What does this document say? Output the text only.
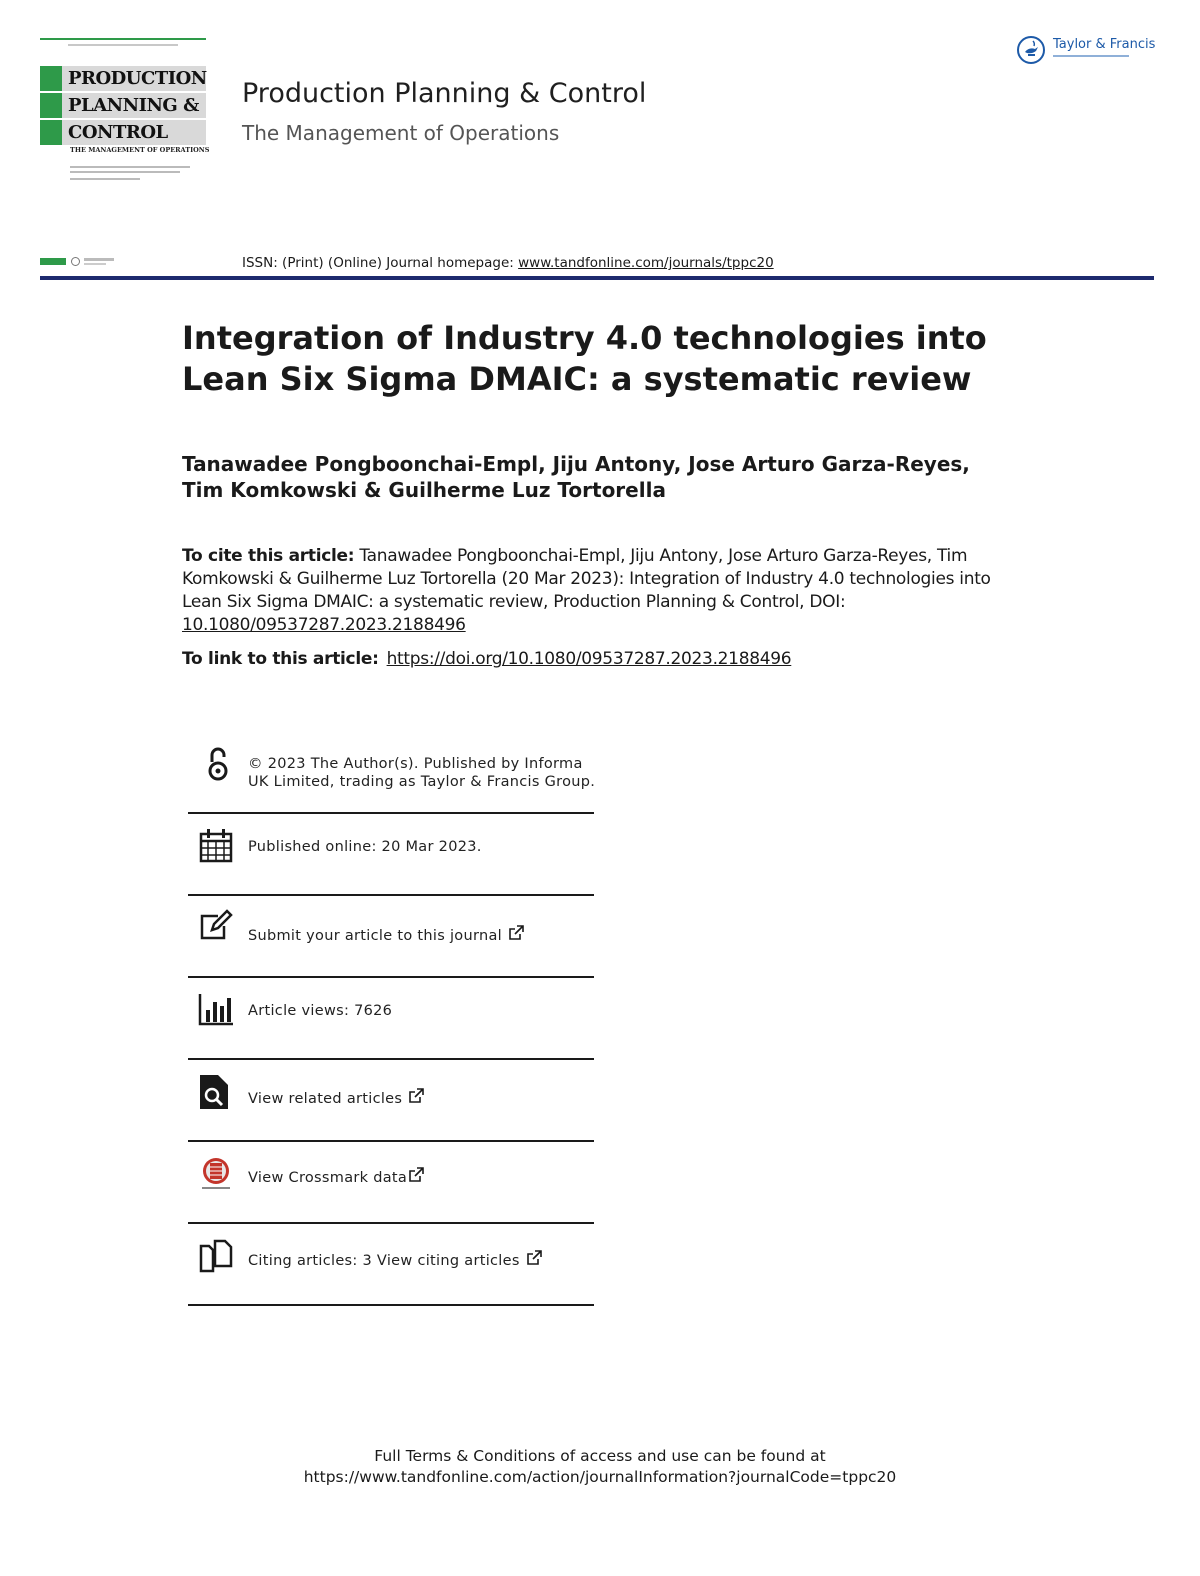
PRODUCTION
PLANNING &
CONTROL
THE MANAGEMENT OF OPERATIONS
Production Planning & Control
The Management of Operations
Taylor & Francis
ISSN: (Print) (Online) Journal homepage: www.tandfonline.com/journals/tppc20
Integration of Industry 4.0 technologies into Lean Six Sigma DMAIC: a systematic review
Tanawadee Pongboonchai-Empl, Jiju Antony, Jose Arturo Garza-Reyes, Tim Komkowski & Guilherme Luz Tortorella
To cite this article: Tanawadee Pongboonchai-Empl, Jiju Antony, Jose Arturo Garza-Reyes, Tim Komkowski & Guilherme Luz Tortorella (20 Mar 2023): Integration of Industry 4.0 technologies into Lean Six Sigma DMAIC: a systematic review, Production Planning & Control, DOI: 10.1080/09537287.2023.2188496
To link to this article: https://doi.org/10.1080/09537287.2023.2188496
© 2023 The Author(s). Published by Informa UK Limited, trading as Taylor & Francis Group.
Published online: 20 Mar 2023.
Submit your article to this journal
Article views: 7626
View related articles
View Crossmark data
Citing articles: 3 View citing articles
Full Terms & Conditions of access and use can be found at
https://www.tandfonline.com/action/journalInformation?journalCode=tppc20
